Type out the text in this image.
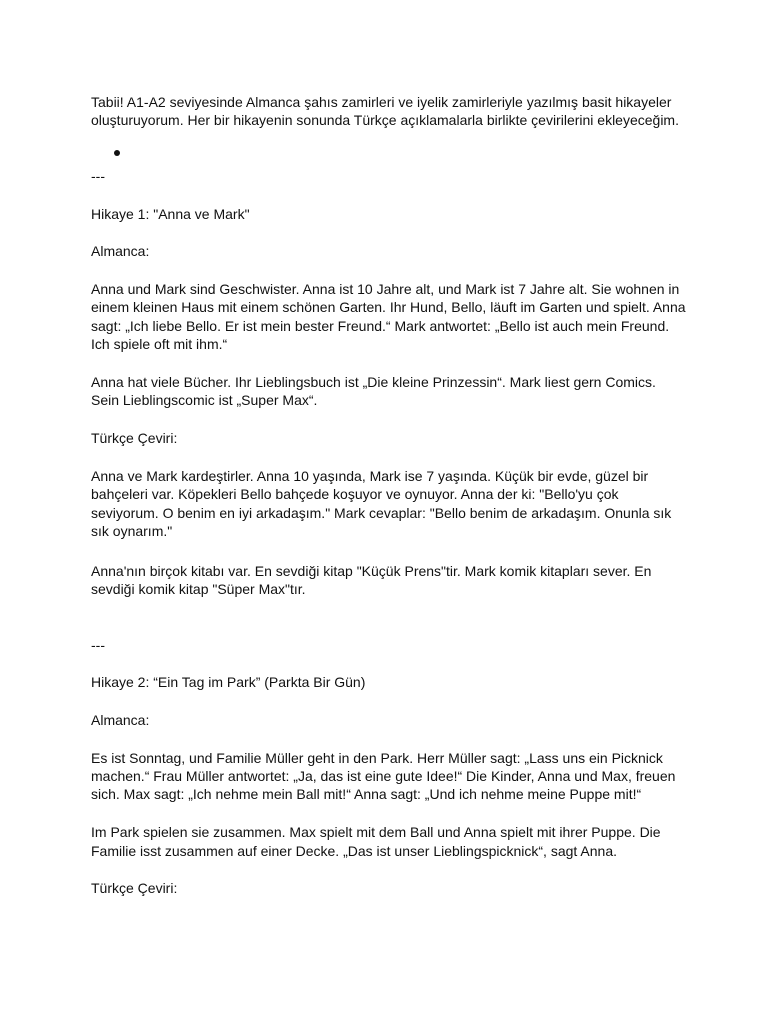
Tabii! A1-A2 seviyesinde Almanca şahıs zamirleri ve iyelik zamirleriyle yazılmış basit hikayeler
oluşturuyorum. Her bir hikayenin sonunda Türkçe açıklamalarla birlikte çevirilerini ekleyeceğim.
---
Hikaye 1: "Anna ve Mark"
Almanca:
Anna und Mark sind Geschwister. Anna ist 10 Jahre alt, und Mark ist 7 Jahre alt. Sie wohnen in
einem kleinen Haus mit einem schönen Garten. Ihr Hund, Bello, läuft im Garten und spielt. Anna
sagt: „Ich liebe Bello. Er ist mein bester Freund.“ Mark antwortet: „Bello ist auch mein Freund.
Ich spiele oft mit ihm.“
Anna hat viele Bücher. Ihr Lieblingsbuch ist „Die kleine Prinzessin“. Mark liest gern Comics.
Sein Lieblingscomic ist „Super Max“.
Türkçe Çeviri:
Anna ve Mark kardeştirler. Anna 10 yaşında, Mark ise 7 yaşında. Küçük bir evde, güzel bir
bahçeleri var. Köpekleri Bello bahçede koşuyor ve oynuyor. Anna der ki: "Bello'yu çok
seviyorum. O benim en iyi arkadaşım." Mark cevaplar: "Bello benim de arkadaşım. Onunla sık
sık oynarım."
Anna'nın birçok kitabı var. En sevdiği kitap "Küçük Prens"tir. Mark komik kitapları sever. En
sevdiği komik kitap "Süper Max"tır.
---
Hikaye 2: “Ein Tag im Park” (Parkta Bir Gün)
Almanca:
Es ist Sonntag, und Familie Müller geht in den Park. Herr Müller sagt: „Lass uns ein Picknick
machen.“ Frau Müller antwortet: „Ja, das ist eine gute Idee!“ Die Kinder, Anna und Max, freuen
sich. Max sagt: „Ich nehme mein Ball mit!“ Anna sagt: „Und ich nehme meine Puppe mit!“
Im Park spielen sie zusammen. Max spielt mit dem Ball und Anna spielt mit ihrer Puppe. Die
Familie isst zusammen auf einer Decke. „Das ist unser Lieblingspicknick“, sagt Anna.
Türkçe Çeviri:
